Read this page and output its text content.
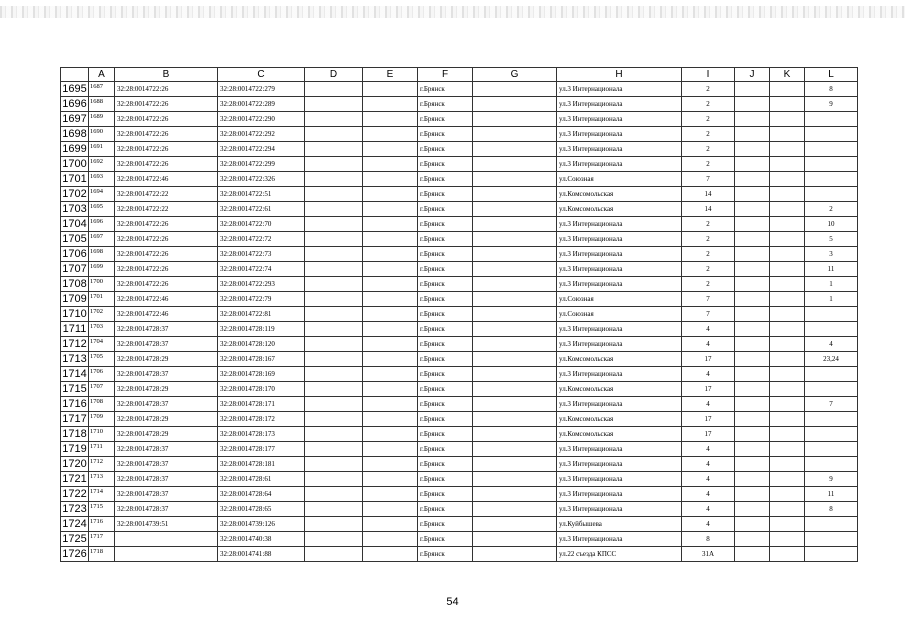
	A	B	C	D	E	F	G	H	I	J	K	L
1695	1687	32:28:0014722:26	32:28:0014722:279			г.Брянск		ул.3 Интернационала	2			8
1696	1688	32:28:0014722:26	32:28:0014722:289			г.Брянск		ул.3 Интернационала	2			9
1697	1689	32:28:0014722:26	32:28:0014722:290			г.Брянск		ул.3 Интернационала	2			
1698	1690	32:28:0014722:26	32:28:0014722:292			г.Брянск		ул.3 Интернационала	2			
1699	1691	32:28:0014722:26	32:28:0014722:294			г.Брянск		ул.3 Интернационала	2			
1700	1692	32:28:0014722:26	32:28:0014722:299			г.Брянск		ул.3 Интернационала	2			
1701	1693	32:28:0014722:46	32:28:0014722:326			г.Брянск		ул.Союзная	7			
1702	1694	32:28:0014722:22	32:28:0014722:51			г.Брянск		ул.Комсомольская	14			
1703	1695	32:28:0014722:22	32:28:0014722:61			г.Брянск		ул.Комсомольская	14			2
1704	1696	32:28:0014722:26	32:28:0014722:70			г.Брянск		ул.3 Интернационала	2			10
1705	1697	32:28:0014722:26	32:28:0014722:72			г.Брянск		ул.3 Интернационала	2			5
1706	1698	32:28:0014722:26	32:28:0014722:73			г.Брянск		ул.3 Интернационала	2			3
1707	1699	32:28:0014722:26	32:28:0014722:74			г.Брянск		ул.3 Интернационала	2			11
1708	1700	32:28:0014722:26	32:28:0014722:293			г.Брянск		ул.3 Интернационала	2			1
1709	1701	32:28:0014722:46	32:28:0014722:79			г.Брянск		ул.Союзная	7			1
1710	1702	32:28:0014722:46	32:28:0014722:81			г.Брянск		ул.Союзная	7			
1711	1703	32:28:0014728:37	32:28:0014728:119			г.Брянск		ул.3 Интернационала	4			
1712	1704	32:28:0014728:37	32:28:0014728:120			г.Брянск		ул.3 Интернационала	4			4
1713	1705	32:28:0014728:29	32:28:0014728:167			г.Брянск		ул.Комсомольская	17			23,24
1714	1706	32:28:0014728:37	32:28:0014728:169			г.Брянск		ул.3 Интернационала	4			
1715	1707	32:28:0014728:29	32:28:0014728:170			г.Брянск		ул.Комсомольская	17			
1716	1708	32:28:0014728:37	32:28:0014728:171			г.Брянск		ул.3 Интернационала	4			7
1717	1709	32:28:0014728:29	32:28:0014728:172			г.Брянск		ул.Комсомольская	17			
1718	1710	32:28:0014728:29	32:28:0014728:173			г.Брянск		ул.Комсомольская	17			
1719	1711	32:28:0014728:37	32:28:0014728:177			г.Брянск		ул.3 Интернационала	4			
1720	1712	32:28:0014728:37	32:28:0014728:181			г.Брянск		ул.3 Интернационала	4			
1721	1713	32:28:0014728:37	32:28:0014728:61			г.Брянск		ул.3 Интернационала	4			9
1722	1714	32:28:0014728:37	32:28:0014728:64			г.Брянск		ул.3 Интернационала	4			11
1723	1715	32:28:0014728:37	32:28:0014728:65			г.Брянск		ул.3 Интернационала	4			8
1724	1716	32:28:0014739:51	32:28:0014739:126			г.Брянск		ул.Куйбышева	4			
1725	1717		32:28:0014740:38			г.Брянск		ул.3 Интернационала	8			
1726	1718		32:28:0014741:88			г.Брянск		ул.22 съезда КПСС	31А			
54
